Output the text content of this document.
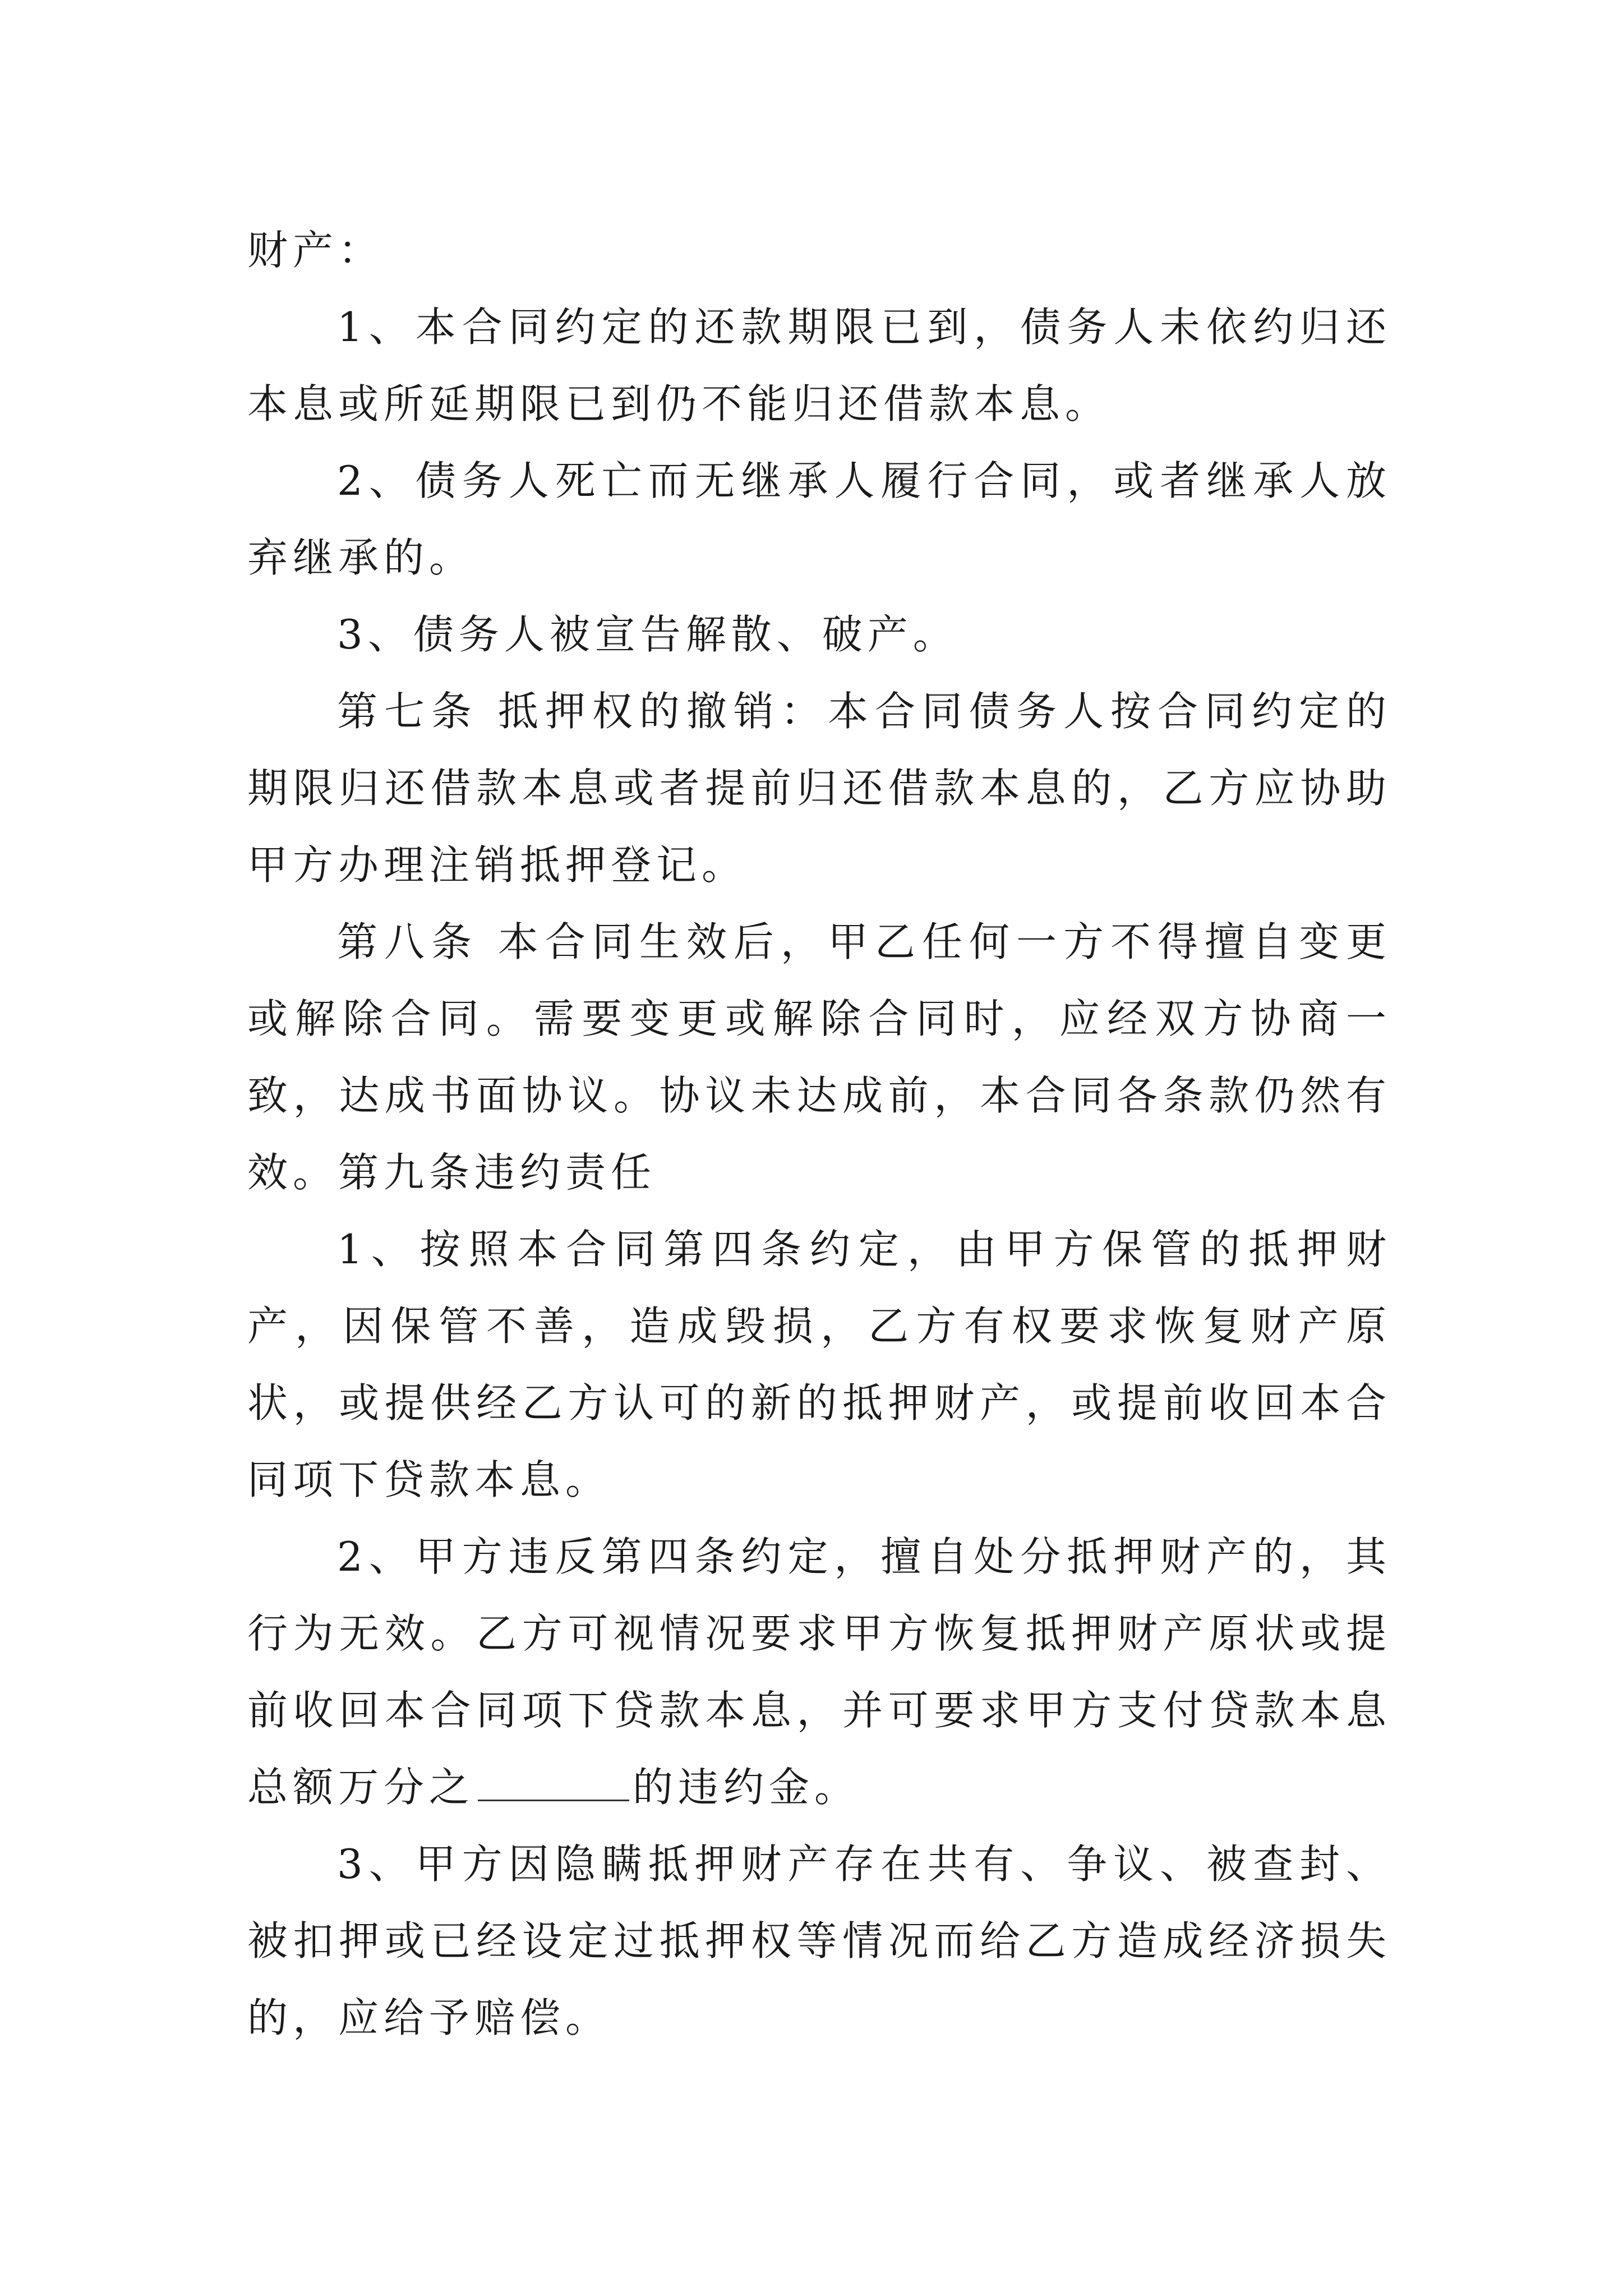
财产：

1、本合同约定的还款期限已到，债务人未依约归还本息或所延期限已到仍不能归还借款本息。

2、债务人死亡而无继承人履行合同，或者继承人放弃继承的。

3、债务人被宣告解散、破产。

第七条 抵押权的撤销：本合同债务人按合同约定的期限归还借款本息或者提前归还借款本息的，乙方应协助甲方办理注销抵押登记。

第八条 本合同生效后，甲乙任何一方不得擅自变更或解除合同。需要变更或解除合同时，应经双方协商一致，达成书面协议。协议未达成前，本合同各条款仍然有效。第九条违约责任

1、按照本合同第四条约定，由甲方保管的抵押财产，因保管不善，造成毁损，乙方有权要求恢复财产原状，或提供经乙方认可的新的抵押财产，或提前收回本合同项下贷款本息。

2、甲方违反第四条约定，擅自处分抵押财产的，其行为无效。乙方可视情况要求甲方恢复抵押财产原状或提前收回本合同项下贷款本息，并可要求甲方支付贷款本息总额万分之	的违约金。

3、甲方因隐瞒抵押财产存在共有、争议、被查封、被扣押或已经设定过抵押权等情况而给乙方造成经济损失的，应给予赔偿。
